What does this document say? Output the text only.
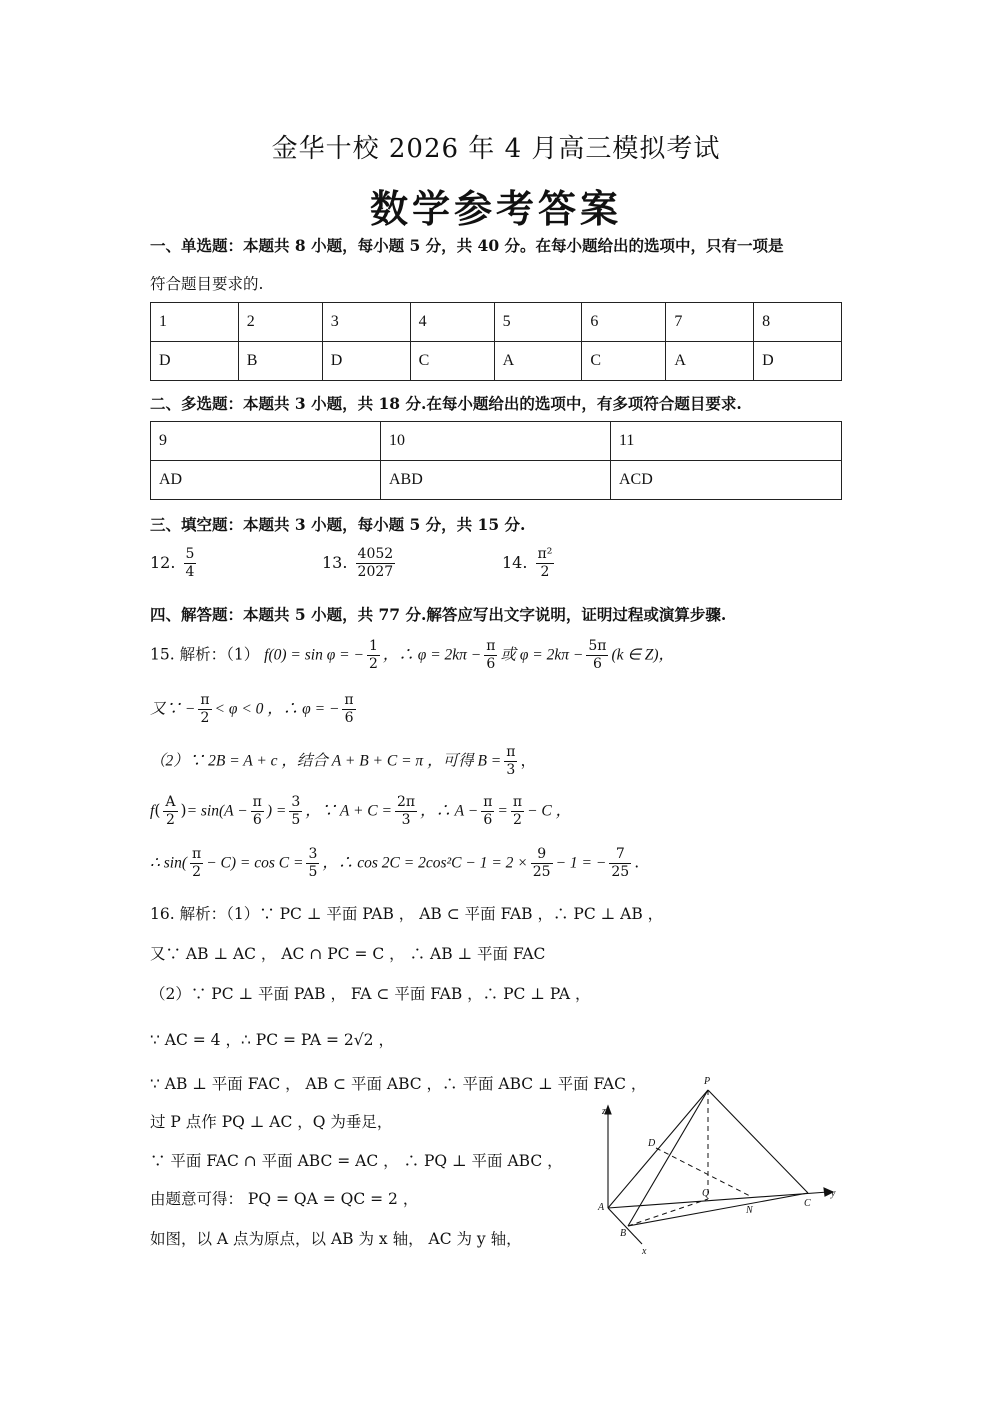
金华十校 2026 年 4 月高三模拟考试
数学参考答案
一、单选题：本题共 8 小题，每小题 5 分，共 40 分。在每小题给出的选项中，只有一项是
符合题目要求的.
1	2	3	4	5	6	7	8
D	B	D	C	A	C	A	D
二、多选题：本题共 3 小题，共 18 分.在每小题给出的选项中，有多项符合题目要求.
9	10	11
AD	ABD	ACD
三、填空题：本题共 3 小题，每小题 5 分，共 15 分.
12. $\frac{5}{4}$	13. $\frac{4052}{2027}$	14. $\frac{\text{π²}}{2}$
四、解答题：本题共 5 小题，共 77 分.解答应写出文字说明，证明过程或演算步骤.
15. 解析：（1） f(0) = sin φ = − $\frac{1}{2}$ ，∴ $\varphi = 2k\pi - \frac{\pi}{6}$ 或 $\varphi = 2k\pi - \frac{5\pi}{6} (k$ ∈ Z)，
又∵ − $\frac{\pi}{2} < \varphi < 0$ ，∴ φ = − $\frac{\pi}{6}$
（2）∵ 2B = A + c ，结合 A + B + C = π ，可得 $B = \frac{\pi}{3}$ ，
$f( \frac{A}{2}$ )= $\sin(A - \frac{\pi}{6}$ ) = $\frac{3}{5}$ ，∵ $A + C = \frac{2\pi}{3}$ ，∴ $A - \frac{\pi}{6} = \frac{\pi}{2} - C$ ，
∴ $\sin( \frac{\pi}{2} - C) = \cos C = \frac{3}{5}$ ，∴ $\cos 2C = 2\cos^2C - 1 = 2 \times \frac{9}{25} - 1$ = − $\frac{7}{25}$ .
16. 解析：（1）∵ PC ⊥ 平面 PAB ， AB ⊂ 平面 FAB ，∴ PC ⊥ AB ，
又∵ AB ⊥ AC ， AC ∩ PC = C ， ∴ AB ⊥ 平面 FAC
（2）∵ PC ⊥ 平面 PAB ， FA ⊂ 平面 FAB ，∴ PC ⊥ PA ，
∵ AC = 4 ，∴ PC = PA = 2√2 ，
∵ AB ⊥ 平面 FAC ， AB ⊂ 平面 ABC ，∴ 平面 ABC ⊥ 平面 FAC ，
过 P 点作 PQ ⊥ AC ，Q 为垂足，
∵ 平面 FAC ∩ 平面 ABC = AC ， ∴ PQ ⊥ 平面 ABC ，
由题意可得： PQ = QA = QC = 2 ，
如图，以 A 点为原点，以 AB 为 x 轴， AC 为 y 轴，
P
z
D
Q
A	N
C
y
B
x
